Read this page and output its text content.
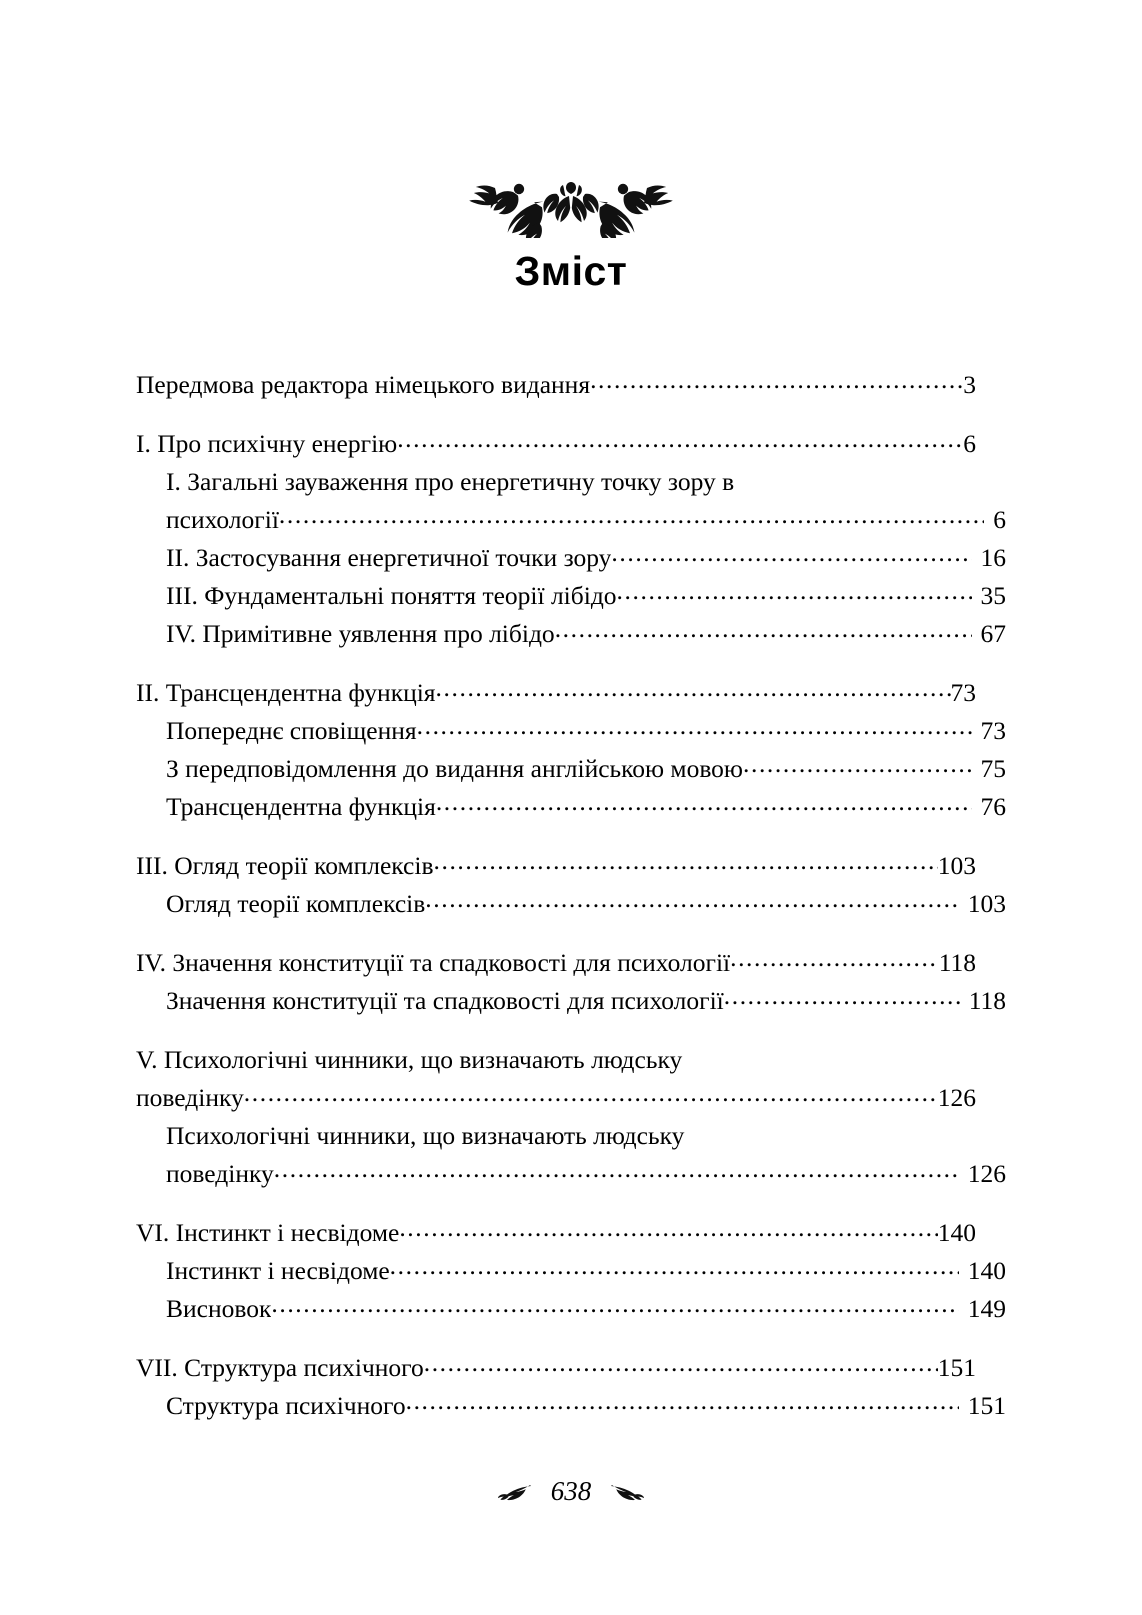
Зміст
Передмова редактора німецького видання .....	3
I. Про психічну енергію .....	6
I. Загальні зауваження про енергетичну точку зору в
психології .....	6
II. Застосування енергетичної точки зору .....	16
III. Фундаментальні поняття теорії лібідо .....	35
IV. Примітивне уявлення про лібідо .....	67
II. Трансцендентна функція .....	73
Попереднє сповіщення .....	73
З передповідомлення до видання англійською мовою .....	75
Трансцендентна функція .....	76
III. Огляд теорії комплексів .....	103
Огляд теорії комплексів .....	103
IV. Значення конституції та спадковості для психології .....	118
Значення конституції та спадковості для психології .....	118
V. Психологічні чинники, що визначають людську
поведінку .....	126
Психологічні чинники, що визначають людську
поведінку .....	126
VI. Інстинкт і несвідоме .....	140
Інстинкт і несвідоме .....	140
Висновок .....	149
VII. Структура психічного .....	151
Структура психічного .....	151
638
